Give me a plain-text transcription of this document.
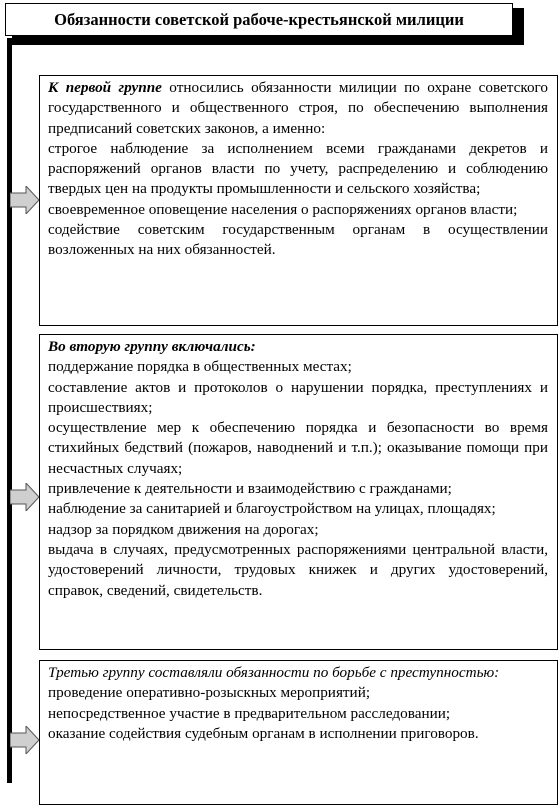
Обязанности советской рабоче-крестьянской милиции

К первой группе относились обязанности милиции по охране советского государственного и общественного строя, по обеспечению выполнения предписаний советских законов, а именно:

строгое наблюдение за исполнением всеми гражданами декретов и распоряжений органов власти по учету, распределению и соблюдению твердых цен на продукты промышленности и сельского хозяйства;

своевременное оповещение населения о распоряжениях органов власти;

содействие советским государственным органам в осуществлении возложенных на них обязанностей.

Во вторую группу включались:

поддержание порядка в общественных местах;

составление актов и протоколов о нарушении порядка, преступлениях и происшествиях;

осуществление мер к обеспечению порядка и безопасности во время стихийных бедствий (пожаров, наводнений и т.п.); оказывание помощи при несчастных случаях;

привлечение к деятельности и взаимодействию с гражданами;

наблюдение за санитарией и благоустройством на улицах, площадях;

надзор за порядком движения на дорогах;

выдача в случаях, предусмотренных распоряжениями центральной власти, удостоверений личности, трудовых книжек и других удостоверений, справок, сведений, свидетельств.

Третью группу составляли обязанности по борьбе с преступностью:

проведение оперативно-розыскных мероприятий;

непосредственное участие в предварительном расследовании;

оказание содействия судебным органам в исполнении приговоров.
